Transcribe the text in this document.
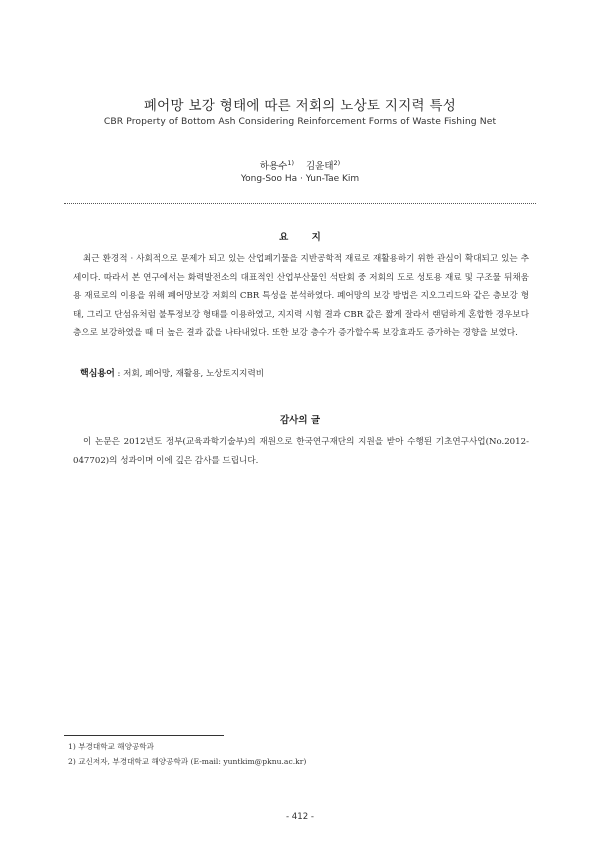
폐어망 보강 형태에 따른 저회의 노상토 지지력 특성
CBR Property of Bottom Ash Considering Reinforcement Forms of Waste Fishing Net
하용수$^{1)}$ 김윤태$^{2)}$
Yong-Soo Ha · Yun-Tae Kim
요 지
최근 환경적 · 사회적으로 문제가 되고 있는 산업폐기물을 지반공학적 재료로 재활용하기 위한 관심이 확대되고 있는 추세이다. 따라서 본 연구에서는 화력발전소의 대표적인 산업부산물인 석탄회 중 저회의 도로 성토용 재료 및 구조물 뒤채움용 재료로의 이용을 위해 폐어망보강 저회의 CBR 특성을 분석하였다. 폐어망의 보강 방법은 지오그리드와 같은 층보강 형태, 그리고 단섬유처럼 불투정보강 형태를 이용하였고, 지지력 시험 결과 CBR 값은 짧게 잘라서 랜덤하게 혼합한 경우보다 층으로 보강하였을 때 더 높은 결과 값을 나타내었다. 또한 보강 층수가 증가할수록 보강효과도 증가하는 경향을 보였다.
핵심용어 : 저회, 폐어망, 재활용, 노상토지지력비
감사의 글
이 논문은 2012년도 정부(교육과학기술부)의 재원으로 한국연구재단의 지원을 받아 수행된 기초연구사업(No.2012-047702)의 성과이며 이에 깊은 감사를 드립니다.
1) 부경대학교 해양공학과
2) 교신저자, 부경대학교 해양공학과 (E-mail: yuntkim@pknu.ac.kr)
- 412 -
